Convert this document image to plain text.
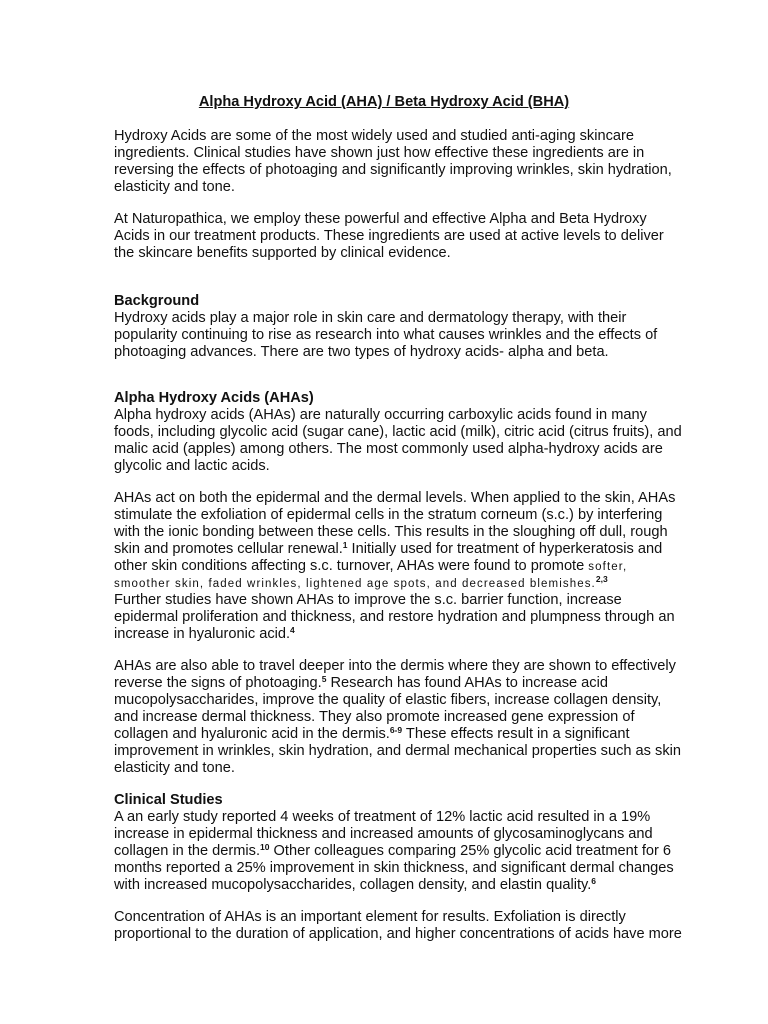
Alpha Hydroxy Acid (AHA) / Beta Hydroxy Acid (BHA)

Hydroxy Acids are some of the most widely used and studied anti-aging skincare

ingredients. Clinical studies have shown just how effective these ingredients are in

reversing the effects of photoaging and significantly improving wrinkles, skin hydration,

elasticity and tone.

At Naturopathica, we employ these powerful and effective Alpha and Beta Hydroxy

Acids in our treatment products. These ingredients are used at active levels to deliver

the skincare benefits supported by clinical evidence.

Background

Hydroxy acids play a major role in skin care and dermatology therapy, with their

popularity continuing to rise as research into what causes wrinkles and the effects of

photoaging advances. There are two types of hydroxy acids- alpha and beta.

Alpha Hydroxy Acids (AHAs)

Alpha hydroxy acids (AHAs) are naturally occurring carboxylic acids found in many

foods, including glycolic acid (sugar cane), lactic acid (milk), citric acid (citrus fruits), and

malic acid (apples) among others. The most commonly used alpha-hydroxy acids are

glycolic and lactic acids.

AHAs act on both the epidermal and the dermal levels. When applied to the skin, AHAs

stimulate the exfoliation of epidermal cells in the stratum corneum (s.c.) by interfering

with the ionic bonding between these cells. This results in the sloughing off dull, rough

skin and promotes cellular renewal.$^1$ Initially used for treatment of hyperkeratosis and

other skin conditions affecting s.c. turnover, AHAs were found to promote softer,

smoother skin, faded wrinkles, lightened age spots, and decreased blemishes.$^{2,3}$

Further studies have shown AHAs to improve the s.c. barrier function, increase

epidermal proliferation and thickness, and restore hydration and plumpness through an

increase in hyaluronic acid.$^4$

AHAs are also able to travel deeper into the dermis where they are shown to effectively

reverse the signs of photoaging.$^5$ Research has found AHAs to increase acid

mucopolysaccharides, improve the quality of elastic fibers, increase collagen density,

and increase dermal thickness. They also promote increased gene expression of

collagen and hyaluronic acid in the dermis.$^{6-9}$ These effects result in a significant

improvement in wrinkles, skin hydration, and dermal mechanical properties such as skin

elasticity and tone.

Clinical Studies

A an early study reported 4 weeks of treatment of 12% lactic acid resulted in a 19%

increase in epidermal thickness and increased amounts of glycosaminoglycans and

collagen in the dermis.$^{10}$ Other colleagues comparing 25% glycolic acid treatment for 6

months reported a 25% improvement in skin thickness, and significant dermal changes

with increased mucopolysaccharides, collagen density, and elastin quality.$^6$

Concentration of AHAs is an important element for results. Exfoliation is directly

proportional to the duration of application, and higher concentrations of acids have more
